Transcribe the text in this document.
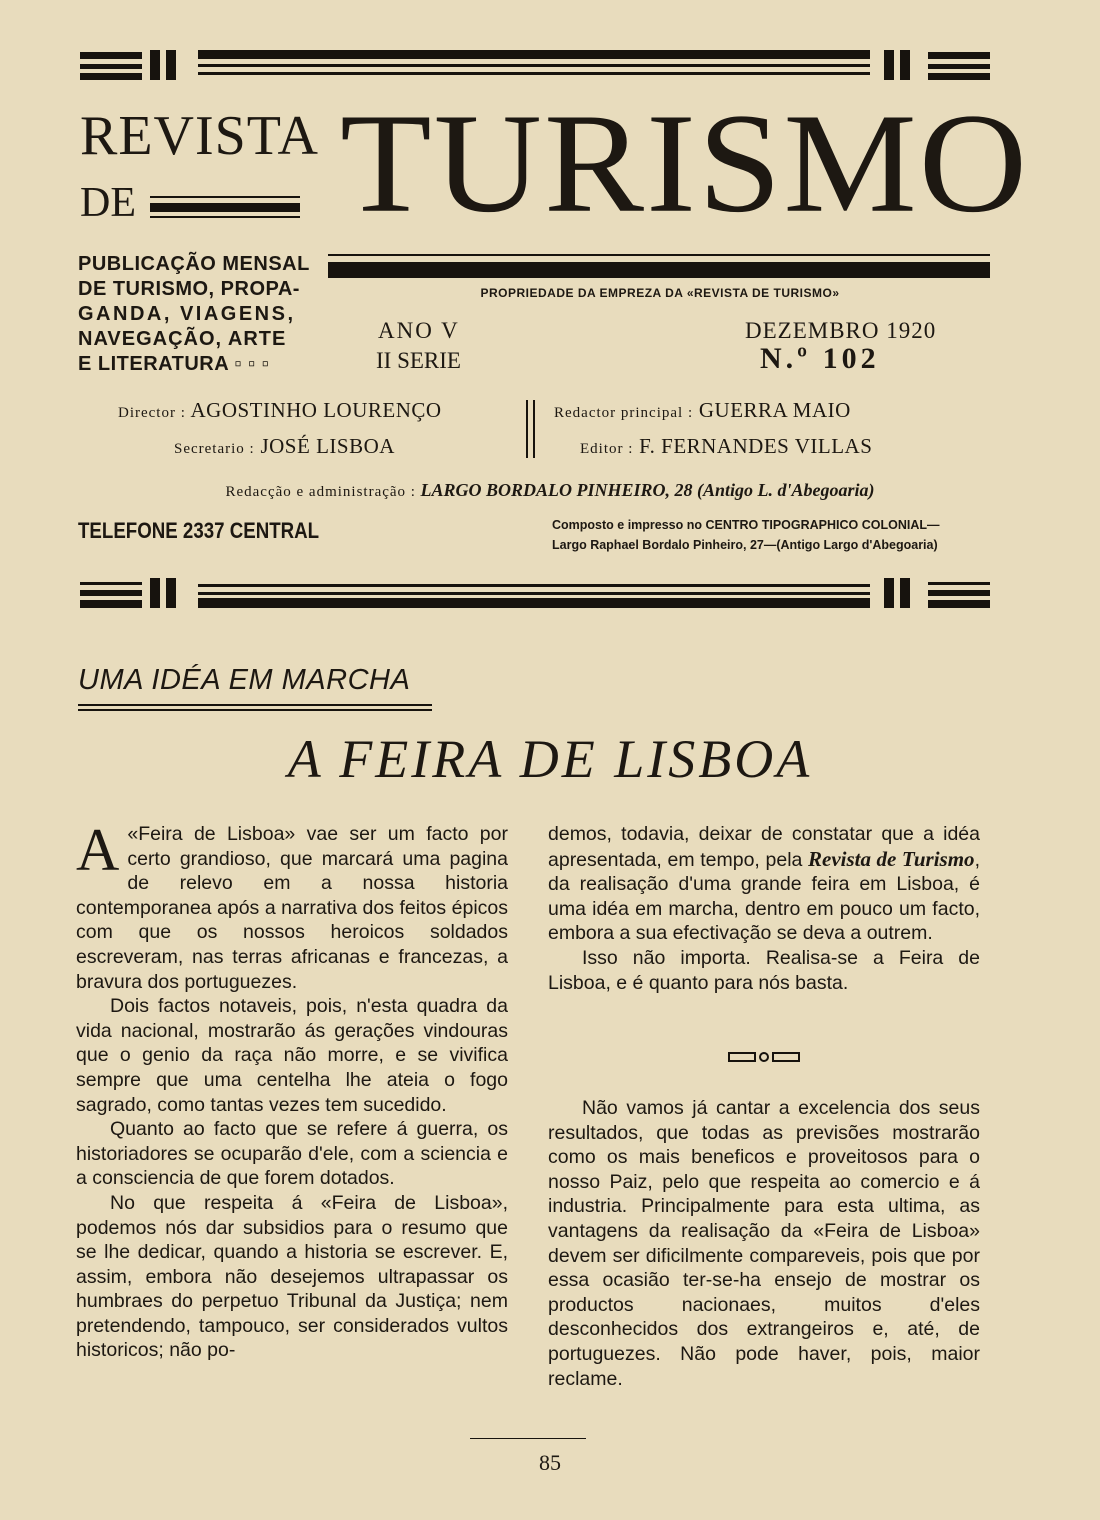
REVISTA
DE TURISMO
PUBLICAÇÃO MENSAL
DE TURISMO, PROPA-
GANDA, VIAGENS,
NAVEGAÇÃO, ARTE
E LITERATURA ▫ ▫ ▫
PROPRIEDADE DA EMPREZA DA «REVISTA DE TURISMO»
ANO V
II SERIE
DEZEMBRO 1920
N.º 102
Director : AGOSTINHO LOURENÇO
Secretario : JOSÉ LISBOA
Redactor principal : GUERRA MAIO
Editor : F. FERNANDES VILLAS
Redacção e administração : LARGO BORDALO PINHEIRO, 28 (Antigo L. d'Abegoaria)
TELEFONE 2337 CENTRAL	Composto e impresso no CENTRO TIPOGRAPHICO COLONIAL—
Largo Raphael Bordalo Pinheiro, 27—(Antigo Largo d'Abegoaria)
UMA IDÉA EM MARCHA
A FEIRA DE LISBOA

A «Feira de Lisboa» vae ser um facto por certo grandioso, que marcará uma pagina de relevo em a nossa historia contemporanea após a narrativa dos feitos épicos com que os nossos heroicos soldados escreveram, nas terras africanas e francezas, a bravura dos portuguezes.

Dois factos notaveis, pois, n'esta quadra da vida nacional, mostrarão ás gerações vindouras que o genio da raça não morre, e se vivifica sempre que uma centelha lhe ateia o fogo sagrado, como tantas vezes tem sucedido.

Quanto ao facto que se refere á guerra, os historiadores se ocuparão d'ele, com a sciencia e a consciencia de que forem dotados.

No que respeita á «Feira de Lisboa», podemos nós dar subsidios para o resumo que se lhe dedicar, quando a historia se escrever. E, assim, embora não desejemos ultrapassar os humbraes do perpetuo Tribunal da Justiça; nem pretendendo, tampouco, ser considerados vultos historicos; não po-

demos, todavia, deixar de constatar que a idéa apresentada, em tempo, pela Revista de Turismo, da realisação d'uma grande feira em Lisboa, é uma idéa em marcha, dentro em pouco um facto, embora a sua efectivação se deva a outrem.

Isso não importa. Realisa-se a Feira de Lisboa, e é quanto para nós basta.

Não vamos já cantar a excelencia dos seus resultados, que todas as previsões mostrarão como os mais beneficos e proveitosos para o nosso Paiz, pelo que respeita ao comercio e á industria. Principalmente para esta ultima, as vantagens da realisação da «Feira de Lisboa» devem ser dificilmente compareveis, pois que por essa ocasião ter-se-ha ensejo de mostrar os productos nacionaes, muitos d'eles desconhecidos dos extrangeiros e, até, de portuguezes. Não pode haver, pois, maior reclame.

85
